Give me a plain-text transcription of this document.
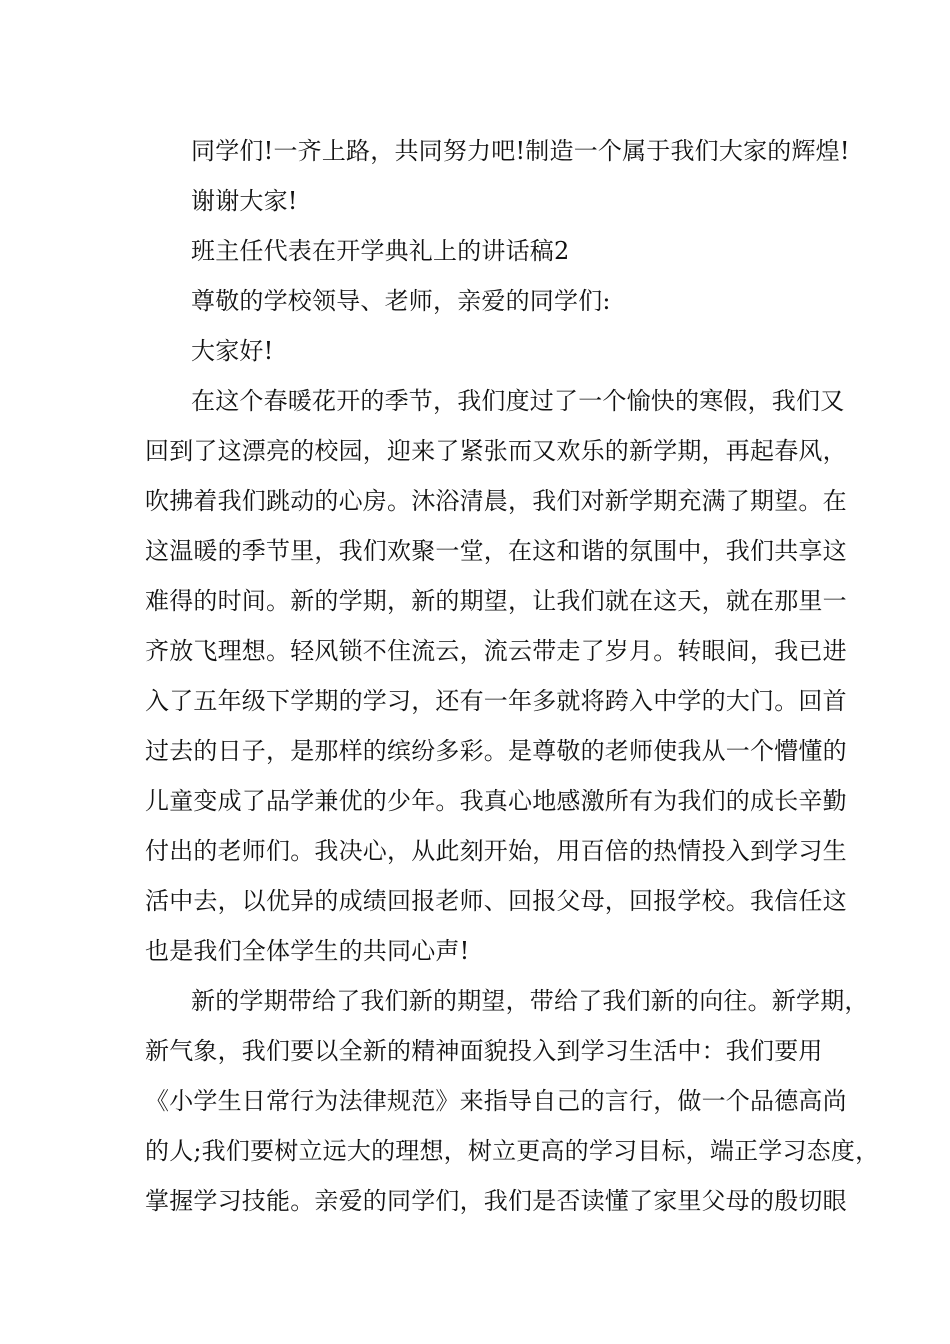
同学们!一齐上路，共同努力吧!制造一个属于我们大家的辉煌!
谢谢大家!
班主任代表在开学典礼上的讲话稿2
尊敬的学校领导、老师，亲爱的同学们:
大家好!
在这个春暖花开的季节，我们度过了一个愉快的寒假，我们又
回到了这漂亮的校园，迎来了紧张而又欢乐的新学期，再起春风，
吹拂着我们跳动的心房。沐浴清晨，我们对新学期充满了期望。在
这温暖的季节里，我们欢聚一堂，在这和谐的氛围中，我们共享这
难得的时间。新的学期，新的期望，让我们就在这天，就在那里一
齐放飞理想。轻风锁不住流云，流云带走了岁月。转眼间，我已进
入了五年级下学期的学习，还有一年多就将跨入中学的大门。回首
过去的日子，是那样的缤纷多彩。是尊敬的老师使我从一个懵懂的
儿童变成了品学兼优的少年。我真心地感激所有为我们的成长辛勤
付出的老师们。我决心，从此刻开始，用百倍的热情投入到学习生
活中去，以优异的成绩回报老师、回报父母，回报学校。我信任这
也是我们全体学生的共同心声!
新的学期带给了我们新的期望，带给了我们新的向往。新学期，
新气象，我们要以全新的精神面貌投入到学习生活中：我们要用
《小学生日常行为法律规范》来指导自己的言行，做一个品德高尚
的人;我们要树立远大的理想，树立更高的学习目标，端正学习态度，
掌握学习技能。亲爱的同学们，我们是否读懂了家里父母的殷切眼
